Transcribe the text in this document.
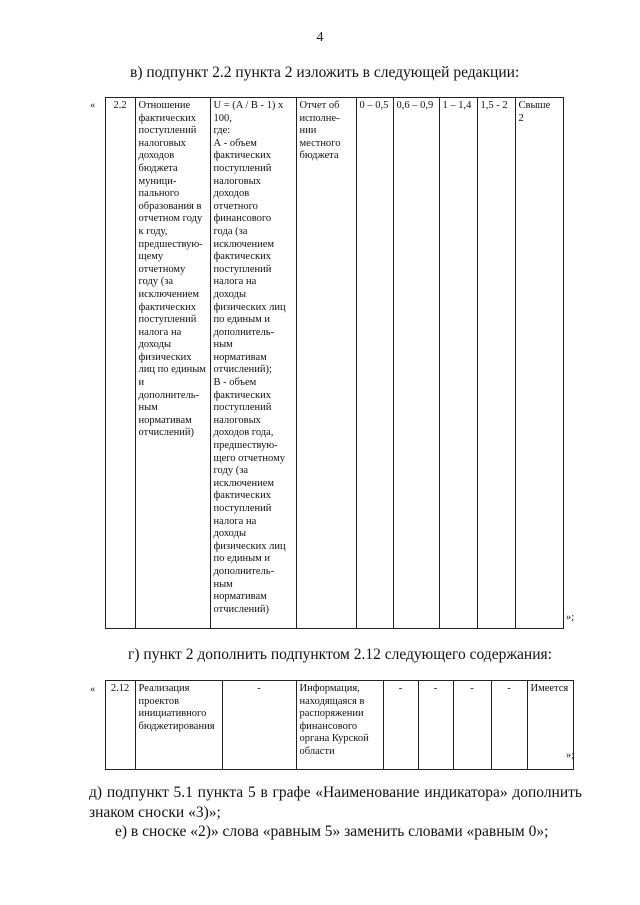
4
в) подпункт 2.2 пункта 2 изложить в следующей редакции:
«
	2.2	Отношение
фактических
поступлений
налоговых
доходов
бюджета
муници-
пального
образования в
отчетном году
к году,
предшествую-
щему
отчетному
году (за
исключением
фактических
поступлений
налога на
доходы
физических
лиц по единым
и
дополнитель-
ным
нормативам
отчислений)	U = (A / B - 1) х
100,
где:
А - объем
фактических
поступлений
налоговых
доходов
отчетного
финансового
года (за
исключением
фактических
поступлений
налога на
доходы
физических лиц
по единым и
дополнитель-
ным
нормативам
отчислений);
В - объем
фактических
поступлений
налоговых
доходов года,
предшествую-
щего отчетному
году (за
исключением
фактических
поступлений
налога на
доходы
физических лиц
по единым и
дополнитель-
ным
нормативам
отчислений)	Отчет об
исполне-
нии
местного
бюджета	0 – 0,5	0,6 – 0,9	1 – 1,4	1,5 - 2	Свыше
2
»;
г) пункт 2 дополнить подпунктом 2.12 следующего содержания:
«
	2.12	Реализация
проектов
инициативного
бюджетирования	-	Информация,
находящаяся в
распоряжении
финансового
органа Курской
области	-	-	-	-	Имеется
»;
д) подпункт 5.1 пункта 5 в графе «Наименование индикатора» дополнить знаком сноски «3)»;
е) в сноске «2)» слова «равным 5» заменить словами «равным 0»;
